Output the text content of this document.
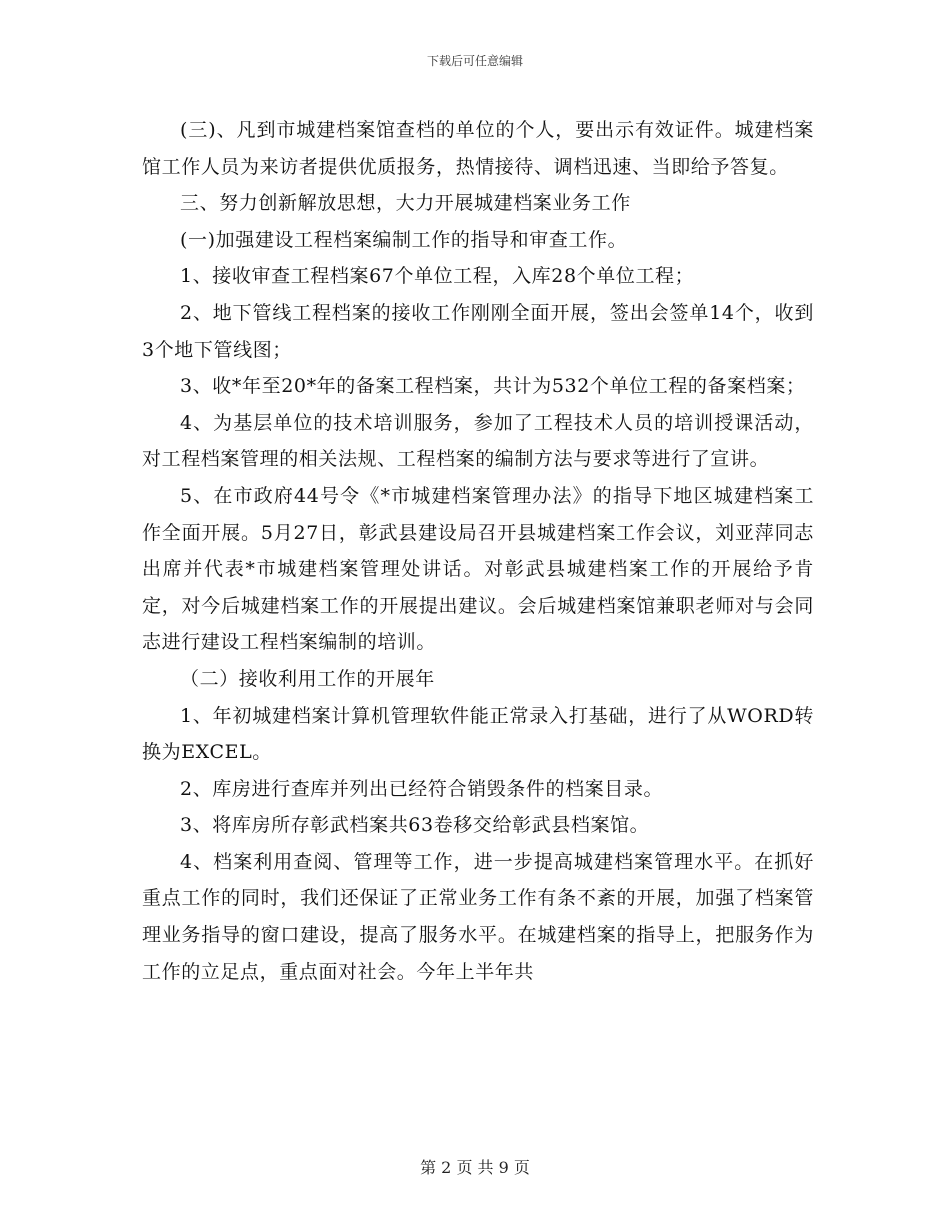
下载后可任意编辑

(三)、凡到市城建档案馆查档的单位的个人，要出示有效证件。城建档案馆工作人员为来访者提供优质报务，热情接待、调档迅速、当即给予答复。

三、努力创新解放思想，大力开展城建档案业务工作

(一)加强建设工程档案编制工作的指导和审查工作。

1、接收审查工程档案67个单位工程，入库28个单位工程；

2、地下管线工程档案的接收工作刚刚全面开展，签出会签单14个，收到3个地下管线图；

3、收*年至20*年的备案工程档案，共计为532个单位工程的备案档案；

4、为基层单位的技术培训服务，参加了工程技术人员的培训授课活动，对工程档案管理的相关法规、工程档案的编制方法与要求等进行了宣讲。

5、在市政府44号令《*市城建档案管理办法》的指导下地区城建档案工作全面开展。5月27日，彰武县建设局召开县城建档案工作会议，刘亚萍同志出席并代表*市城建档案管理处讲话。对彰武县城建档案工作的开展给予肯定，对今后城建档案工作的开展提出建议。会后城建档案馆兼职老师对与会同志进行建设工程档案编制的培训。

（二）接收利用工作的开展年

1、年初城建档案计算机管理软件能正常录入打基础，进行了从WORD转换为EXCEL。

2、库房进行查库并列出已经符合销毁条件的档案目录。

3、将库房所存彰武档案共63卷移交给彰武县档案馆。

4、档案利用查阅、管理等工作，进一步提高城建档案管理水平。在抓好重点工作的同时，我们还保证了正常业务工作有条不紊的开展，加强了档案管理业务指导的窗口建设，提高了服务水平。在城建档案的指导上，把服务作为工作的立足点，重点面对社会。今年上半年共

第 2 页 共 9 页
